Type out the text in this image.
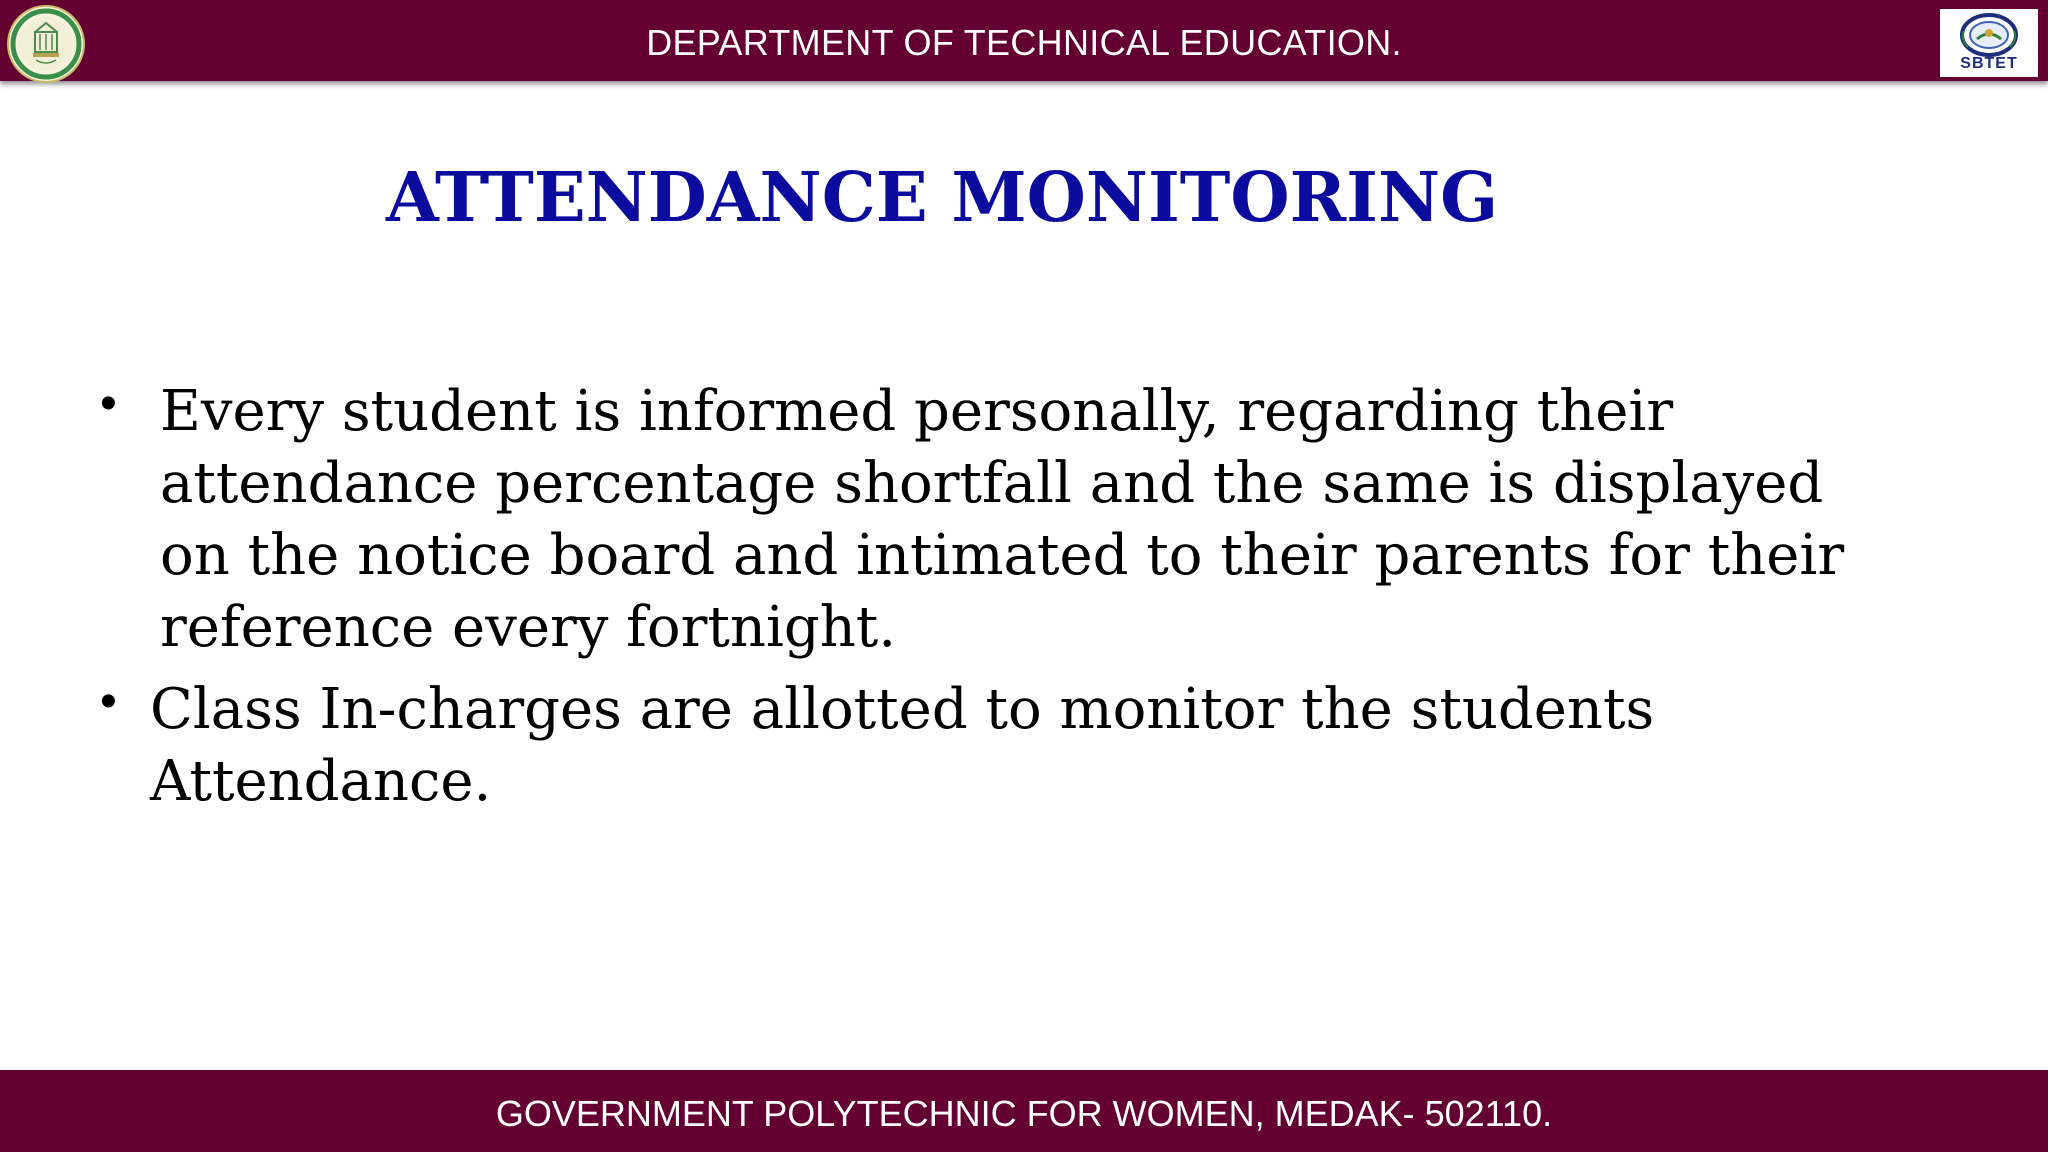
DEPARTMENT OF TECHNICAL EDUCATION.
SBTET
ATTENDANCE MONITORING
• Every student is informed personally, regarding their
attendance percentage shortfall and the same is displayed
on the notice board and intimated to their parents for their
reference every fortnight.
• Class In-charges are allotted to monitor the students
Attendance.
GOVERNMENT POLYTECHNIC FOR WOMEN, MEDAK- 502110.
